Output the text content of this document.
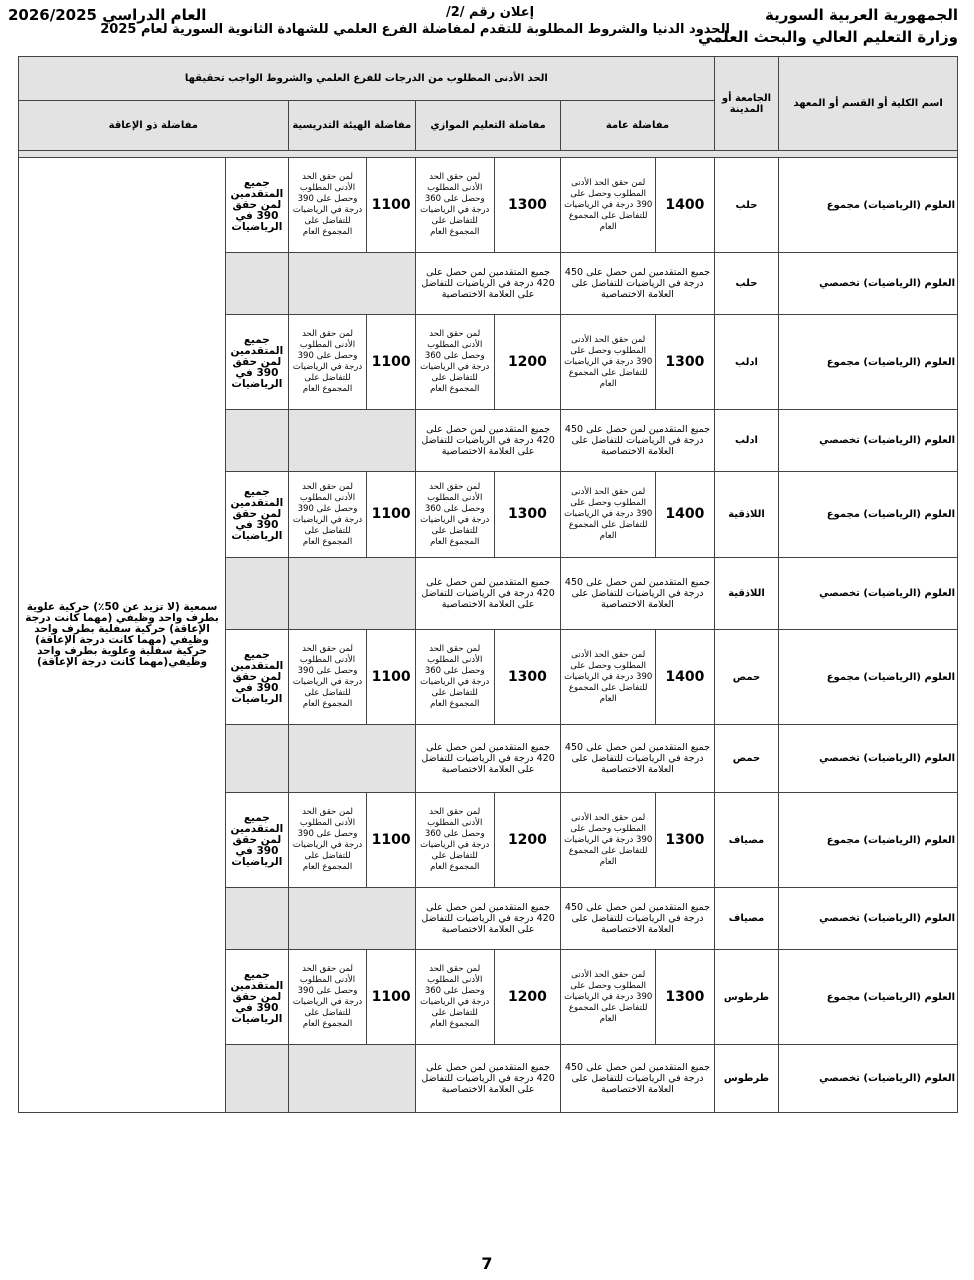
الجمهورية العربية السورية
وزارة التعليم العالي والبحث العلمي
إعلان رقم /2/
الحدود الدنيا والشروط المطلوبة للتقدم لمفاضلة الفرع العلمي للشهادة الثانوية السورية لعام 2025
العام الدراسي 2026/2025
اسم الكلية أو القسم أو المعهد	الجامعة أو المدينة	الحد الأدنى المطلوب من الدرجات للفرع العلمي والشروط الواجب تحقيقها							
		مفاضلة عامة		مفاضلة التعليم الموازي		مفاضلة الهيئة التدريسية		مفاضلة ذو الإعاقة	

العلوم (الرياضيات) مجموع	حلب	1400	لمن حقق الحد الأدنى المطلوب وحصل على 390 درجة في الرياضيات للتفاضل على المجموع العام	1300	لمن حقق الحد الأدنى المطلوب وحصل على 360 درجة في الرياضيات للتفاضل على المجموع العام	1100	لمن حقق الحد الأدنى المطلوب وحصل على 390 درجة في الرياضيات للتفاضل على المجموع العام	جميع المتقدمين لمن حقق 390 في الرياضيات	سمعية (لا تزيد عن 50٪) حركية علوية بطرف واحد وظيفي (مهما كانت درجة الإعاقة) حركية سفلية بطرف واحد وظيفي (مهما كانت درجة الإعاقة) حركية سفلية وعلوية بطرف واحد وظيفي(مهما كانت درجة الإعاقة)
العلوم (الرياضيات) تخصصي	حلب	جميع المتقدمين لمن حصل على 450 درجة في الرياضيات للتفاضل على العلامة الاختصاصية		جميع المتقدمين لمن حصل على 420 درجة في الرياضيات للتفاضل على العلامة الاختصاصية					
العلوم (الرياضيات) مجموع	ادلب	1300	لمن حقق الحد الأدنى المطلوب وحصل على 390 درجة في الرياضيات للتفاضل على المجموع العام	1200	لمن حقق الحد الأدنى المطلوب وحصل على 360 درجة في الرياضيات للتفاضل على المجموع العام	1100	لمن حقق الحد الأدنى المطلوب وحصل على 390 درجة في الرياضيات للتفاضل على المجموع العام	جميع المتقدمين لمن حقق 390 في الرياضيات	
العلوم (الرياضيات) تخصصي	ادلب	جميع المتقدمين لمن حصل على 450 درجة في الرياضيات للتفاضل على العلامة الاختصاصية		جميع المتقدمين لمن حصل على 420 درجة في الرياضيات للتفاضل على العلامة الاختصاصية					
العلوم (الرياضيات) مجموع	اللاذقية	1400	لمن حقق الحد الأدنى المطلوب وحصل على 390 درجة في الرياضيات للتفاضل على المجموع العام	1300	لمن حقق الحد الأدنى المطلوب وحصل على 360 درجة في الرياضيات للتفاضل على المجموع العام	1100	لمن حقق الحد الأدنى المطلوب وحصل على 390 درجة في الرياضيات للتفاضل على المجموع العام	جميع المتقدمين لمن حقق 390 في الرياضيات	
العلوم (الرياضيات) تخصصي	اللاذقية	جميع المتقدمين لمن حصل على 450 درجة في الرياضيات للتفاضل على العلامة الاختصاصية		جميع المتقدمين لمن حصل على 420 درجة في الرياضيات للتفاضل على العلامة الاختصاصية					
العلوم (الرياضيات) مجموع	حمص	1400	لمن حقق الحد الأدنى المطلوب وحصل على 390 درجة في الرياضيات للتفاضل على المجموع العام	1300	لمن حقق الحد الأدنى المطلوب وحصل على 360 درجة في الرياضيات للتفاضل على المجموع العام	1100	لمن حقق الحد الأدنى المطلوب وحصل على 390 درجة في الرياضيات للتفاضل على المجموع العام	جميع المتقدمين لمن حقق 390 في الرياضيات	
العلوم (الرياضيات) تخصصي	حمص	جميع المتقدمين لمن حصل على 450 درجة في الرياضيات للتفاضل على العلامة الاختصاصية		جميع المتقدمين لمن حصل على 420 درجة في الرياضيات للتفاضل على العلامة الاختصاصية					
العلوم (الرياضيات) مجموع	مصياف	1300	لمن حقق الحد الأدنى المطلوب وحصل على 390 درجة في الرياضيات للتفاضل على المجموع العام	1200	لمن حقق الحد الأدنى المطلوب وحصل على 360 درجة في الرياضيات للتفاضل على المجموع العام	1100	لمن حقق الحد الأدنى المطلوب وحصل على 390 درجة في الرياضيات للتفاضل على المجموع العام	جميع المتقدمين لمن حقق 390 في الرياضيات	
العلوم (الرياضيات) تخصصي	مصياف	جميع المتقدمين لمن حصل على 450 درجة في الرياضيات للتفاضل على العلامة الاختصاصية		جميع المتقدمين لمن حصل على 420 درجة في الرياضيات للتفاضل على العلامة الاختصاصية					
العلوم (الرياضيات) مجموع	طرطوس	1300	لمن حقق الحد الأدنى المطلوب وحصل على 390 درجة في الرياضيات للتفاضل على المجموع العام	1200	لمن حقق الحد الأدنى المطلوب وحصل على 360 درجة في الرياضيات للتفاضل على المجموع العام	1100	لمن حقق الحد الأدنى المطلوب وحصل على 390 درجة في الرياضيات للتفاضل على المجموع العام	جميع المتقدمين لمن حقق 390 في الرياضيات	
العلوم (الرياضيات) تخصصي	طرطوس	جميع المتقدمين لمن حصل على 450 درجة في الرياضيات للتفاضل على العلامة الاختصاصية		جميع المتقدمين لمن حصل على 420 درجة في الرياضيات للتفاضل على العلامة الاختصاصية					
7
